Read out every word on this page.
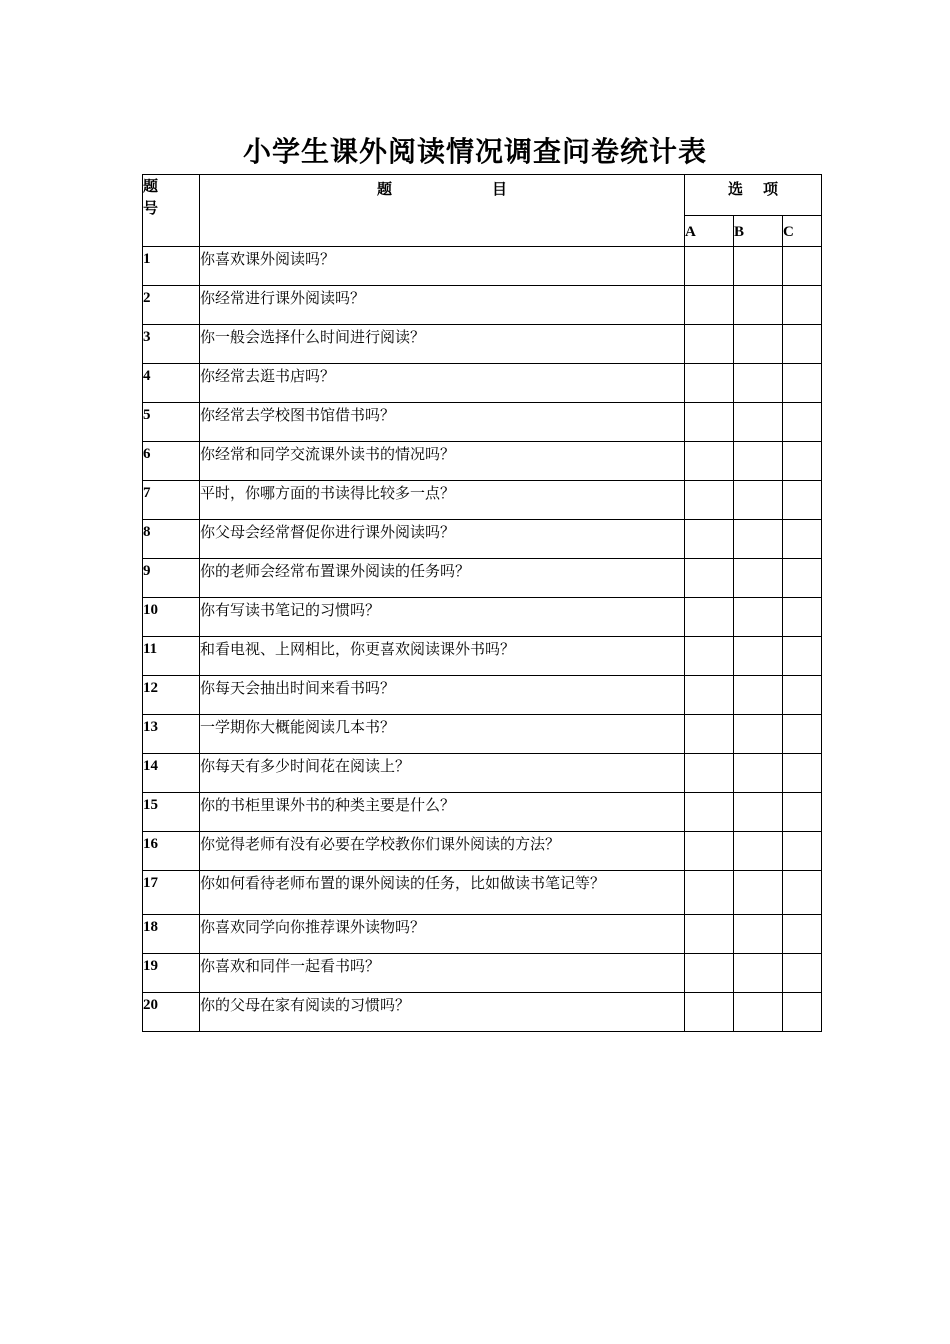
小学生课外阅读情况调查问卷统计表
题号	题目	选项		
		A	B	C
1	你喜欢课外阅读吗？			
2	你经常进行课外阅读吗？			
3	你一般会选择什么时间进行阅读？			
4	你经常去逛书店吗？			
5	你经常去学校图书馆借书吗？			
6	你经常和同学交流课外读书的情况吗？			
7	平时，你哪方面的书读得比较多一点？			
8	你父母会经常督促你进行课外阅读吗？			
9	你的老师会经常布置课外阅读的任务吗？			
10	你有写读书笔记的习惯吗？			
11	和看电视、上网相比，你更喜欢阅读课外书吗？			
12	你每天会抽出时间来看书吗？			
13	一学期你大概能阅读几本书？			
14	你每天有多少时间花在阅读上？			
15	你的书柜里课外书的种类主要是什么？			
16	你觉得老师有没有必要在学校教你们课外阅读的方法？			
17	你如何看待老师布置的课外阅读的任务，比如做读书笔记等？			
18	你喜欢同学向你推荐课外读物吗？			
19	你喜欢和同伴一起看书吗？			
20	你的父母在家有阅读的习惯吗？			
